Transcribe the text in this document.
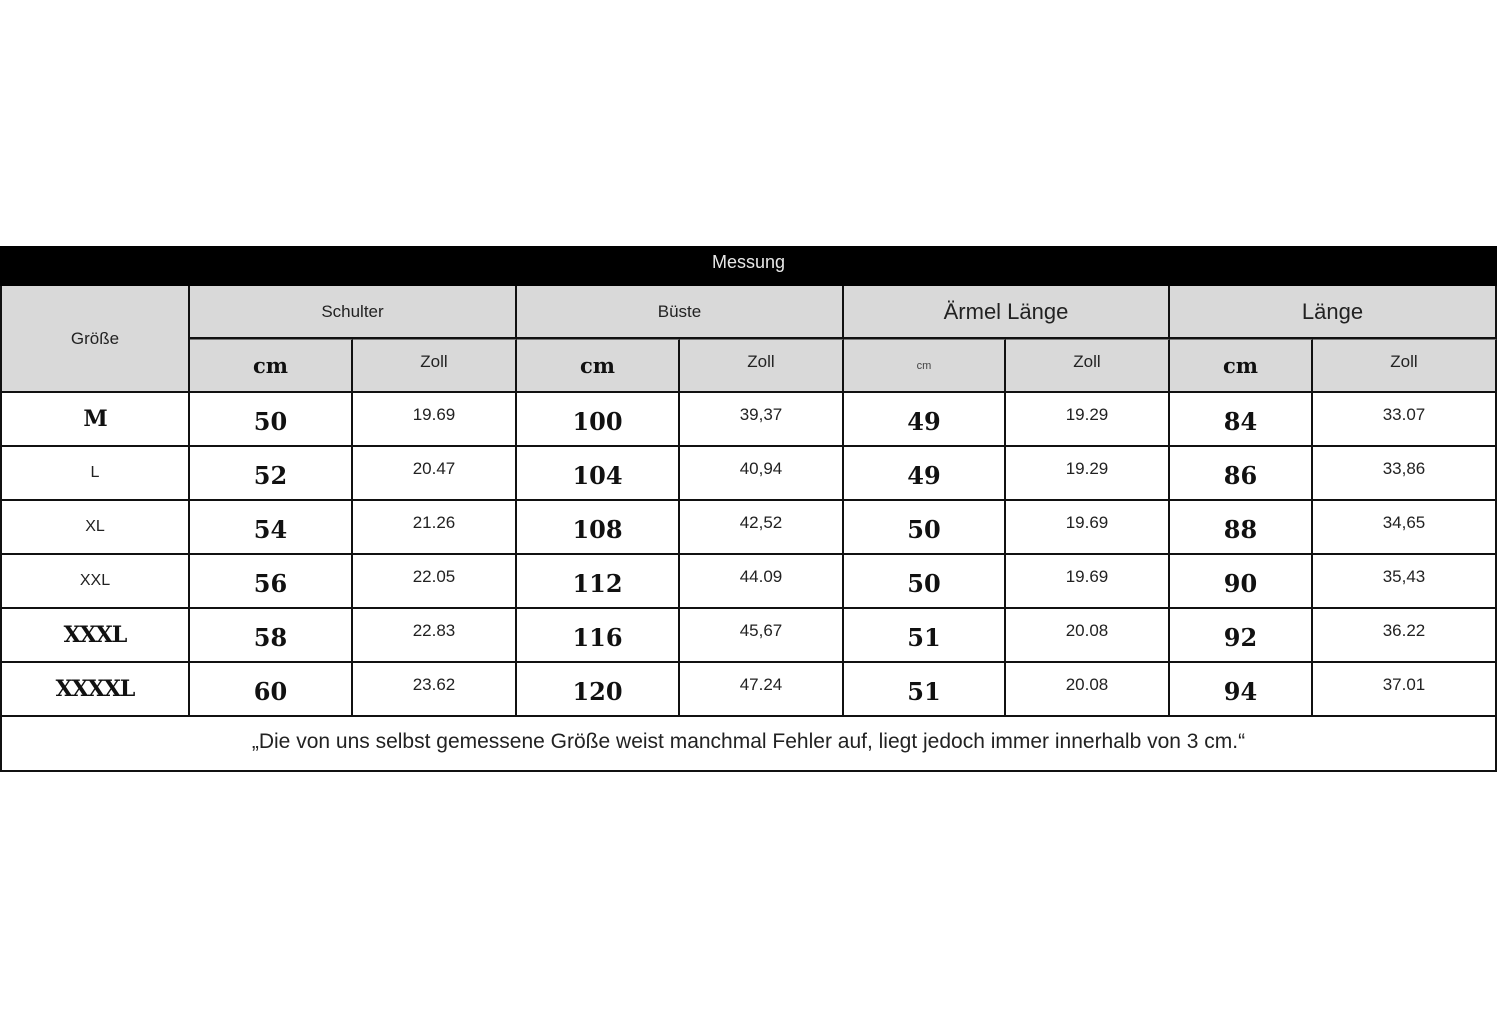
Messung
Größe
Schulter	Büste	Ärmel Länge	Länge
cm	Zoll	cm	Zoll	cm	Zoll	cm	Zoll
M	50	19.69	100	39,37	49	19.29	84	33.07
L	52	20.47	104	40,94	49	19.29	86	33,86
XL	54	21.26	108	42,52	50	19.69	88	34,65
XXL	56	22.05	112	44.09	50	19.69	90	35,43
XXXL	58	22.83	116	45,67	51	20.08	92	36.22
XXXXL	60	23.62	120	47.24	51	20.08	94	37.01
„Die von uns selbst gemessene Größe weist manchmal Fehler auf, liegt jedoch immer innerhalb von 3 cm.“
